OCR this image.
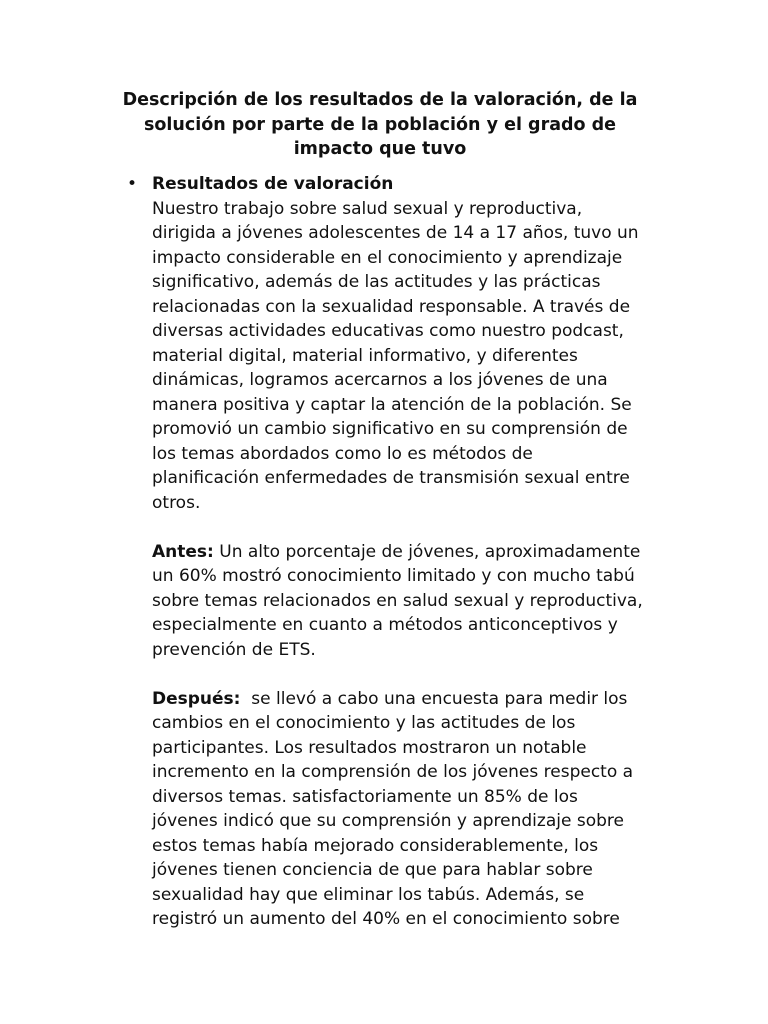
Descripción de los resultados de la valoración, de la
solución por parte de la población y el grado de
impacto que tuvo
• Resultados de valoración

Nuestro trabajo sobre salud sexual y reproductiva,
dirigida a jóvenes adolescentes de 14 a 17 años, tuvo un
impacto considerable en el conocimiento y aprendizaje
significativo, además de las actitudes y las prácticas
relacionadas con la sexualidad responsable. A través de
diversas actividades educativas como nuestro podcast,
material digital, material informativo, y diferentes
dinámicas, logramos acercarnos a los jóvenes de una
manera positiva y captar la atención de la población. Se
promovió un cambio significativo en su comprensión de
los temas abordados como lo es métodos de
planificación enfermedades de transmisión sexual entre
otros.

Antes: Un alto porcentaje de jóvenes, aproximadamente
un 60% mostró conocimiento limitado y con mucho tabú
sobre temas relacionados en salud sexual y reproductiva,
especialmente en cuanto a métodos anticonceptivos y
prevención de ETS.

Después:  se llevó a cabo una encuesta para medir los
cambios en el conocimiento y las actitudes de los
participantes. Los resultados mostraron un notable
incremento en la comprensión de los jóvenes respecto a
diversos temas. satisfactoriamente un 85% de los
jóvenes indicó que su comprensión y aprendizaje sobre
estos temas había mejorado considerablemente, los
jóvenes tienen conciencia de que para hablar sobre
sexualidad hay que eliminar los tabús. Además, se
registró un aumento del 40% en el conocimiento sobre
